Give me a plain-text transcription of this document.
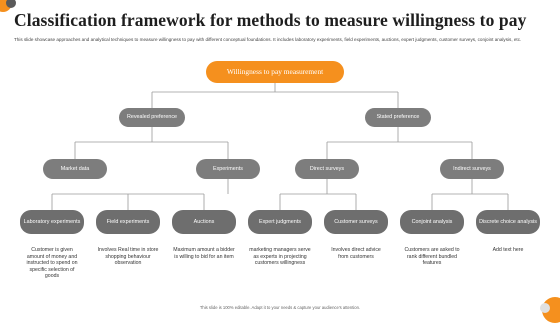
Classification framework for methods to measure willingness to pay

This slide showcase approaches and analytical techniques to measure willingness to pay with different conceptual foundations. It includes laboratory experiments, field experiments, auctions, expert judgments, customer surveys, conjoint analysis, etc.

Willingness to pay measurement
Revealed preference	Stated preference
Market data	Experiments	Direct surveys	Indirect surveys
Laboratory experiments	Field experiments	Auctions	Expert judgments	Customer surveys	Conjoint analysis	Discrete choice analysis
Customer is given amount of money and instructed to spend on specific selection of goods
Involves Real time in store shopping behaviour observation
Maximum amount a bidder is willing to bid for an item
marketing managers serve as experts in projecting customers willingness
Involves direct advice from customers
Customers are asked to rank different bundled features
Add text here
This slide is 100% editable. Adapt it to your needs & capture your audience's attention.
